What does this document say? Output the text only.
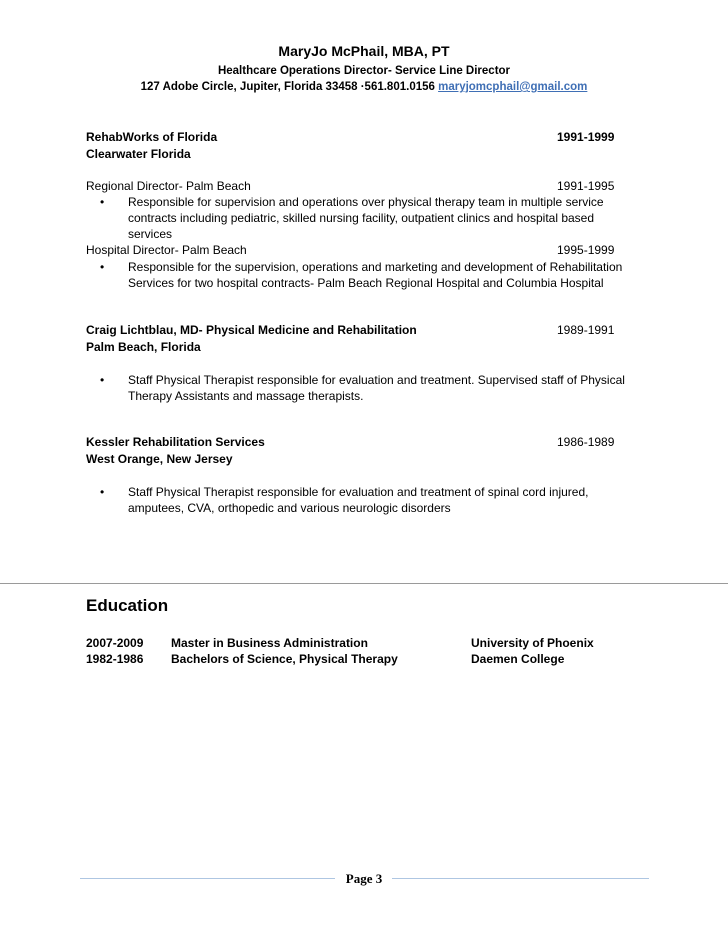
MaryJo McPhail, MBA, PT
Healthcare Operations Director- Service Line Director
127 Adobe Circle, Jupiter, Florida 33458 ·561.801.0156 maryjomcphail@gmail.com
RehabWorks of Florida	1991-1999
Clearwater Florida
Regional Director- Palm Beach	1991-1995
• Responsible for supervision and operations over physical therapy team in multiple service contracts including pediatric, skilled nursing facility, outpatient clinics and hospital based services
Hospital Director- Palm Beach	1995-1999
• Responsible for the supervision, operations and marketing and development of Rehabilitation Services for two hospital contracts- Palm Beach Regional Hospital and Columbia Hospital
Craig Lichtblau, MD- Physical Medicine and Rehabilitation	1989-1991
Palm Beach, Florida
• Staff Physical Therapist responsible for evaluation and treatment. Supervised staff of Physical Therapy Assistants and massage therapists.
Kessler Rehabilitation Services	1986-1989
West Orange, New Jersey
• Staff Physical Therapist responsible for evaluation and treatment of spinal cord injured, amputees, CVA, orthopedic and various neurologic disorders
Education
2007-2009 Master in Business Administration	University of Phoenix
1982-1986 Bachelors of Science, Physical Therapy	Daemen College
Page 3
